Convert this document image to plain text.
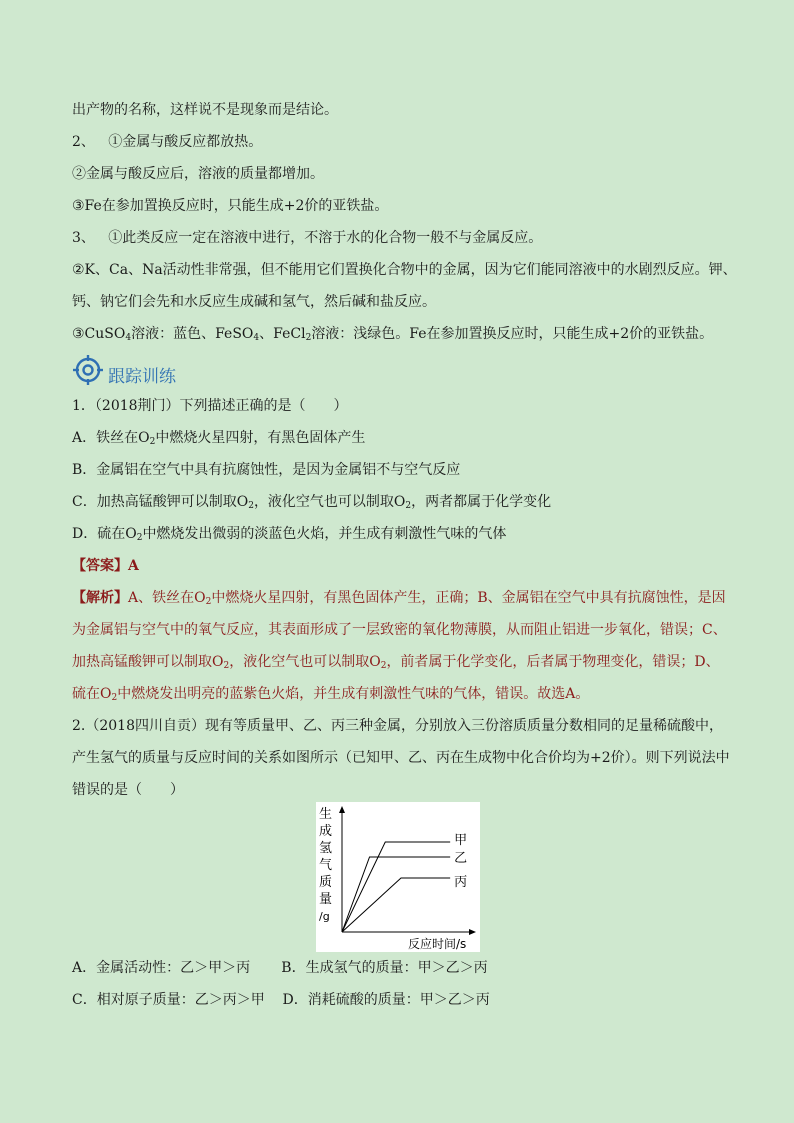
出产物的名称，这样说不是现象而是结论。
2、 ①金属与酸反应都放热。
②金属与酸反应后，溶液的质量都增加。
③Fe在参加置换反应时，只能生成+2价的亚铁盐。
3、 ①此类反应一定在溶液中进行，不溶于水的化合物一般不与金属反应。
②K、Ca、Na活动性非常强，但不能用它们置换化合物中的金属，因为它们能同溶液中的水剧烈反应。钾、
钙、钠它们会先和水反应生成碱和氢气，然后碱和盐反应。
③CuSO$_4$溶液：蓝色、FeSO$_4$、FeCl$_2$溶液：浅绿色。Fe在参加置换反应时，只能生成+2价的亚铁盐。
跟踪训练
1．（2018荆门）下列描述正确的是（　　）
A．铁丝在$O_2$中燃烧火星四射，有黑色固体产生
B．金属铝在空气中具有抗腐蚀性，是因为金属铝不与空气反应
C．加热高锰酸钾可以制取$O_2$，液化空气也可以制取$O_2$，两者都属于化学变化
D．硫在$O_2$中燃烧发出微弱的淡蓝色火焰，并生成有刺激性气味的气体
【答案】A
【解析】A、铁丝在$O_2$中燃烧火星四射，有黑色固体产生，正确；B、金属铝在空气中具有抗腐蚀性，是因
为金属铝与空气中的氧气反应，其表面形成了一层致密的氧化物薄膜，从而阻止铝进一步氧化，错误；C、
加热高锰酸钾可以制取$O_2$，液化空气也可以制取$O_2$，前者属于化学变化，后者属于物理变化，错误；D、
硫在$O_2$中燃烧发出明亮的蓝紫色火焰，并生成有刺激性气味的气体，错误。故选A。
2.（2018四川自贡）现有等质量甲、乙、丙三种金属，分别放入三份溶质质量分数相同的足量稀硫酸中，
产生氢气的质量与反应时间的关系如图所示（已知甲、乙、丙在生成物中化合价均为+2价）。则下列说法中
错误的是（　　）
生
成
氢
气
质
量
/g
反应时间/s
甲
乙
丙
A．金属活动性：乙＞甲＞丙 B．生成氢气的质量：甲＞乙＞丙
C．相对原子质量：乙＞丙＞甲 D．消耗硫酸的质量：甲＞乙＞丙
